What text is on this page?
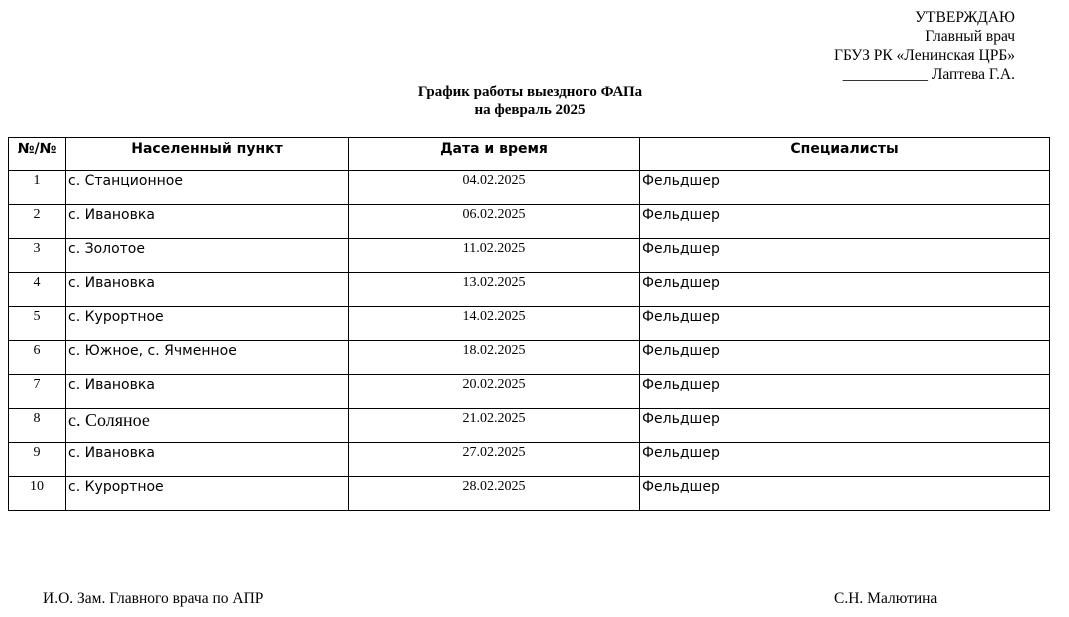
УТВЕРЖДАЮ
Главный врач
ГБУЗ РК «Ленинская ЦРБ»
___________ Лаптева Г.А.
График работы выездного ФАПа
на февраль 2025
№/№	Населенный пункт	Дата и время	Специалисты
1	с. Станционное	04.02.2025	Фельдшер
2	с. Ивановка	06.02.2025	Фельдшер
3	с. Золотое	11.02.2025	Фельдшер
4	с. Ивановка	13.02.2025	Фельдшер
5	с. Курортное	14.02.2025	Фельдшер
6	с. Южное, с. Ячменное	18.02.2025	Фельдшер
7	с. Ивановка	20.02.2025	Фельдшер
8	с. Соляное	21.02.2025	Фельдшер
9	с. Ивановка	27.02.2025	Фельдшер
10	с. Курортное	28.02.2025	Фельдшер
И.О. Зам. Главного врача по АПР	С.Н. Малютина
